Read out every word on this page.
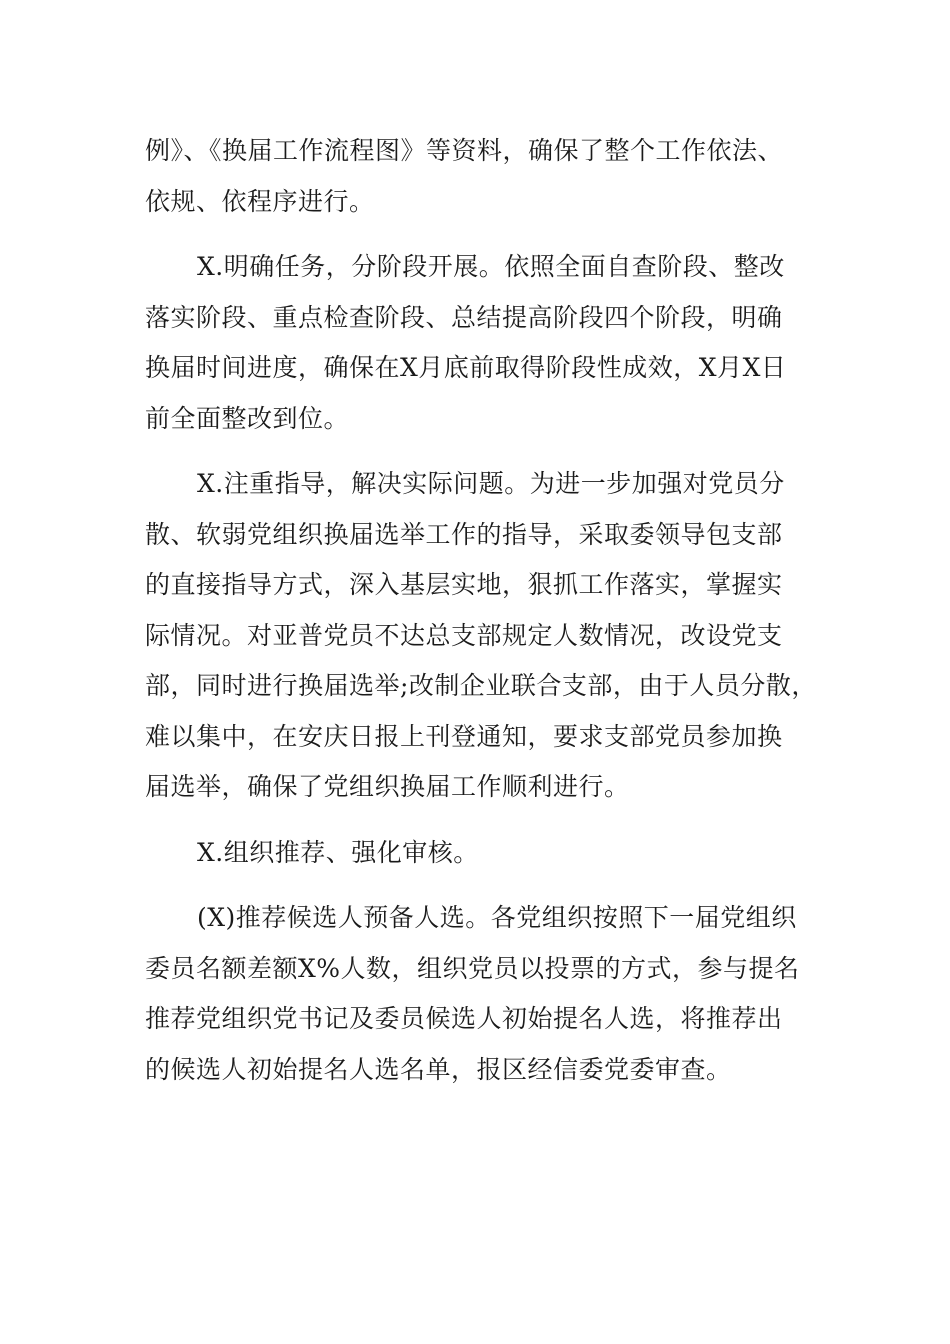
例》、《换届工作流程图》等资料，确保了整个工作依法、
依规、依程序进行。
X.明确任务，分阶段开展。依照全面自查阶段、整改
落实阶段、重点检查阶段、总结提高阶段四个阶段，明确
换届时间进度，确保在X月底前取得阶段性成效，X月X日
前全面整改到位。
X.注重指导，解决实际问题。为进一步加强对党员分
散、软弱党组织换届选举工作的指导，采取委领导包支部
的直接指导方式，深入基层实地，狠抓工作落实，掌握实
际情况。对亚普党员不达总支部规定人数情况，改设党支
部，同时进行换届选举;改制企业联合支部，由于人员分散，
难以集中，在安庆日报上刊登通知，要求支部党员参加换
届选举，确保了党组织换届工作顺利进行。
X.组织推荐、强化审核。
(X)推荐候选人预备人选。各党组织按照下一届党组织
委员名额差额X%人数，组织党员以投票的方式，参与提名
推荐党组织党书记及委员候选人初始提名人选，将推荐出
的候选人初始提名人选名单，报区经信委党委审查。
